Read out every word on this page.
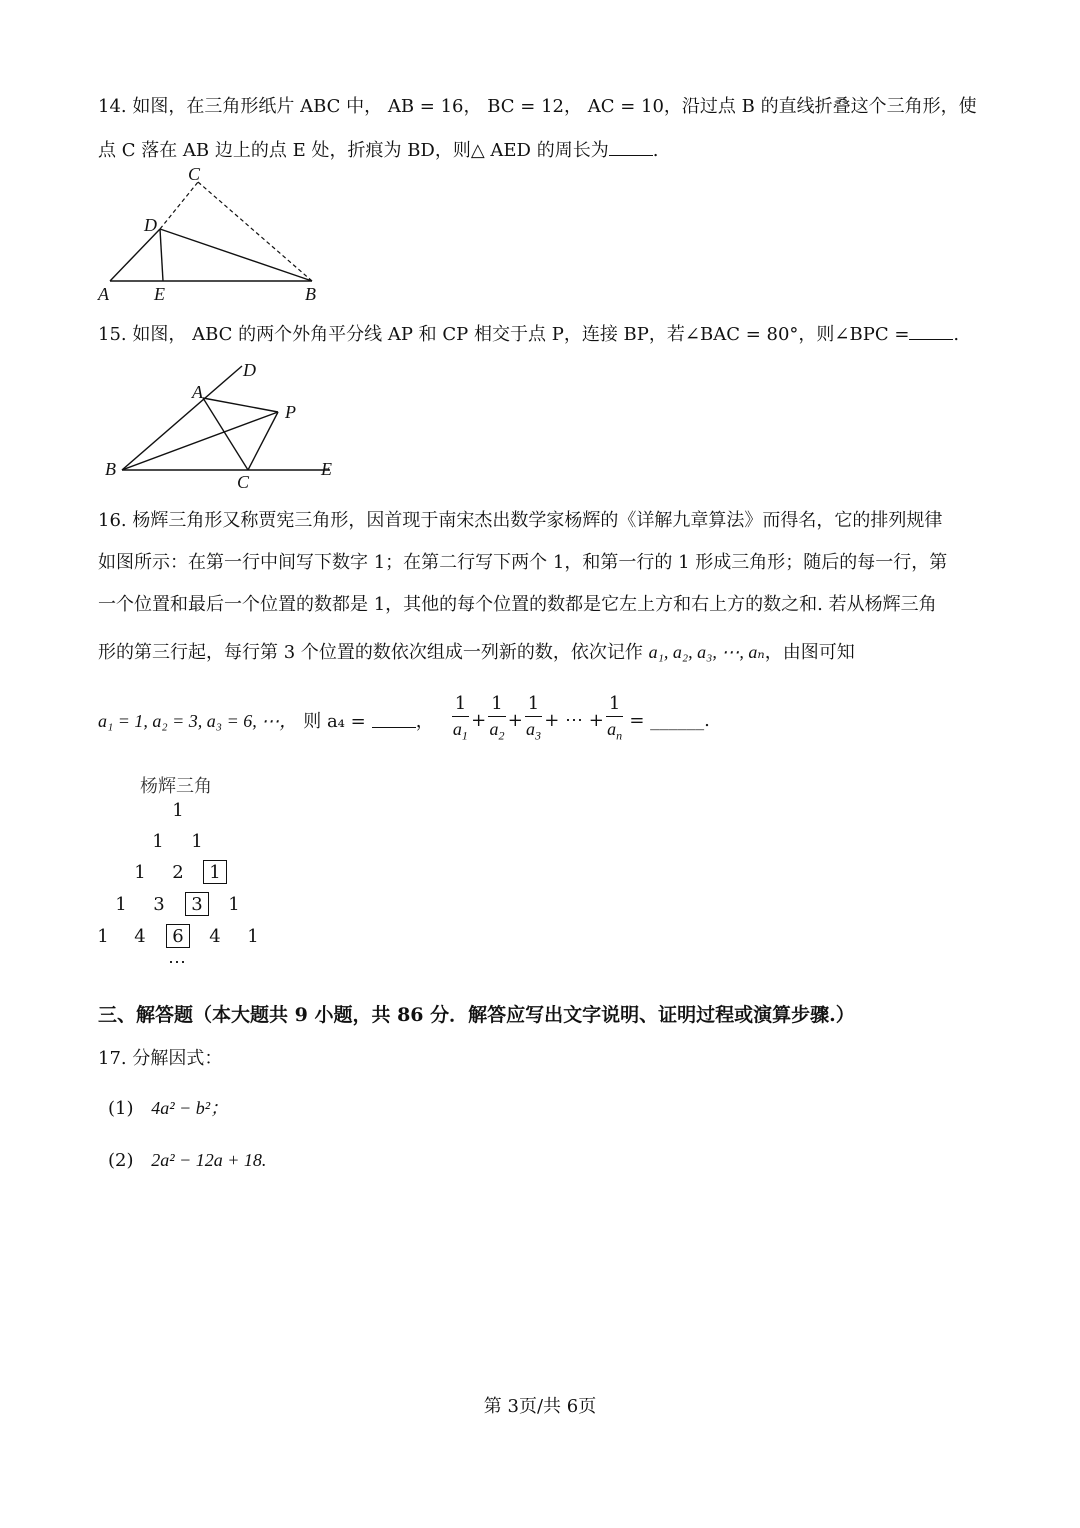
14. 如图，在三角形纸片 ABC 中， AB = 16， BC = 12， AC = 10，沿过点 B 的直线折叠这个三角形，使
点 C 落在 AB 边上的点 E 处，折痕为 BD，则△ AED 的周长为 .
C
D
A	E	B
15. 如图， ABC 的两个外角平分线 AP 和 CP 相交于点 P，连接 BP，若∠BAC = 80°，则∠BPC = .
D
A
P
B
C
E
16. 杨辉三角形又称贾宪三角形，因首现于南宋杰出数学家杨辉的《详解九章算法》而得名，它的排列规律
如图所示：在第一行中间写下数字 1；在第二行写下两个 1，和第一行的 1 形成三角形；随后的每一行，第
一个位置和最后一个位置的数都是 1，其他的每个位置的数都是它左上方和右上方的数之和. 若从杨辉三角
形的第三行起，每行第 3 个位置的数依次组成一列新的数，依次记作 a₁, a₂, a₃, ⋯, aₙ，由图可知
a₁ = 1, a₂ = 3, a₃ = 6, ⋯， 则 a₄ =	， $\frac{1}{a_1} + \frac{1}{a_2} + \frac{1}{a_3}$ + ⋯ + $\frac{1}{a_n}$ = ______.
杨辉三角
1
1 1
1 2 1
1 3 3 1
1 4 6 4 1
⋯
三、解答题（本大题共 9 小题，共 86 分．解答应写出文字说明、证明过程或演算步骤.）
17. 分解因式：
(1) 4a² − b²；
(2) 2a² − 12a + 18.
第 3页/共 6页
